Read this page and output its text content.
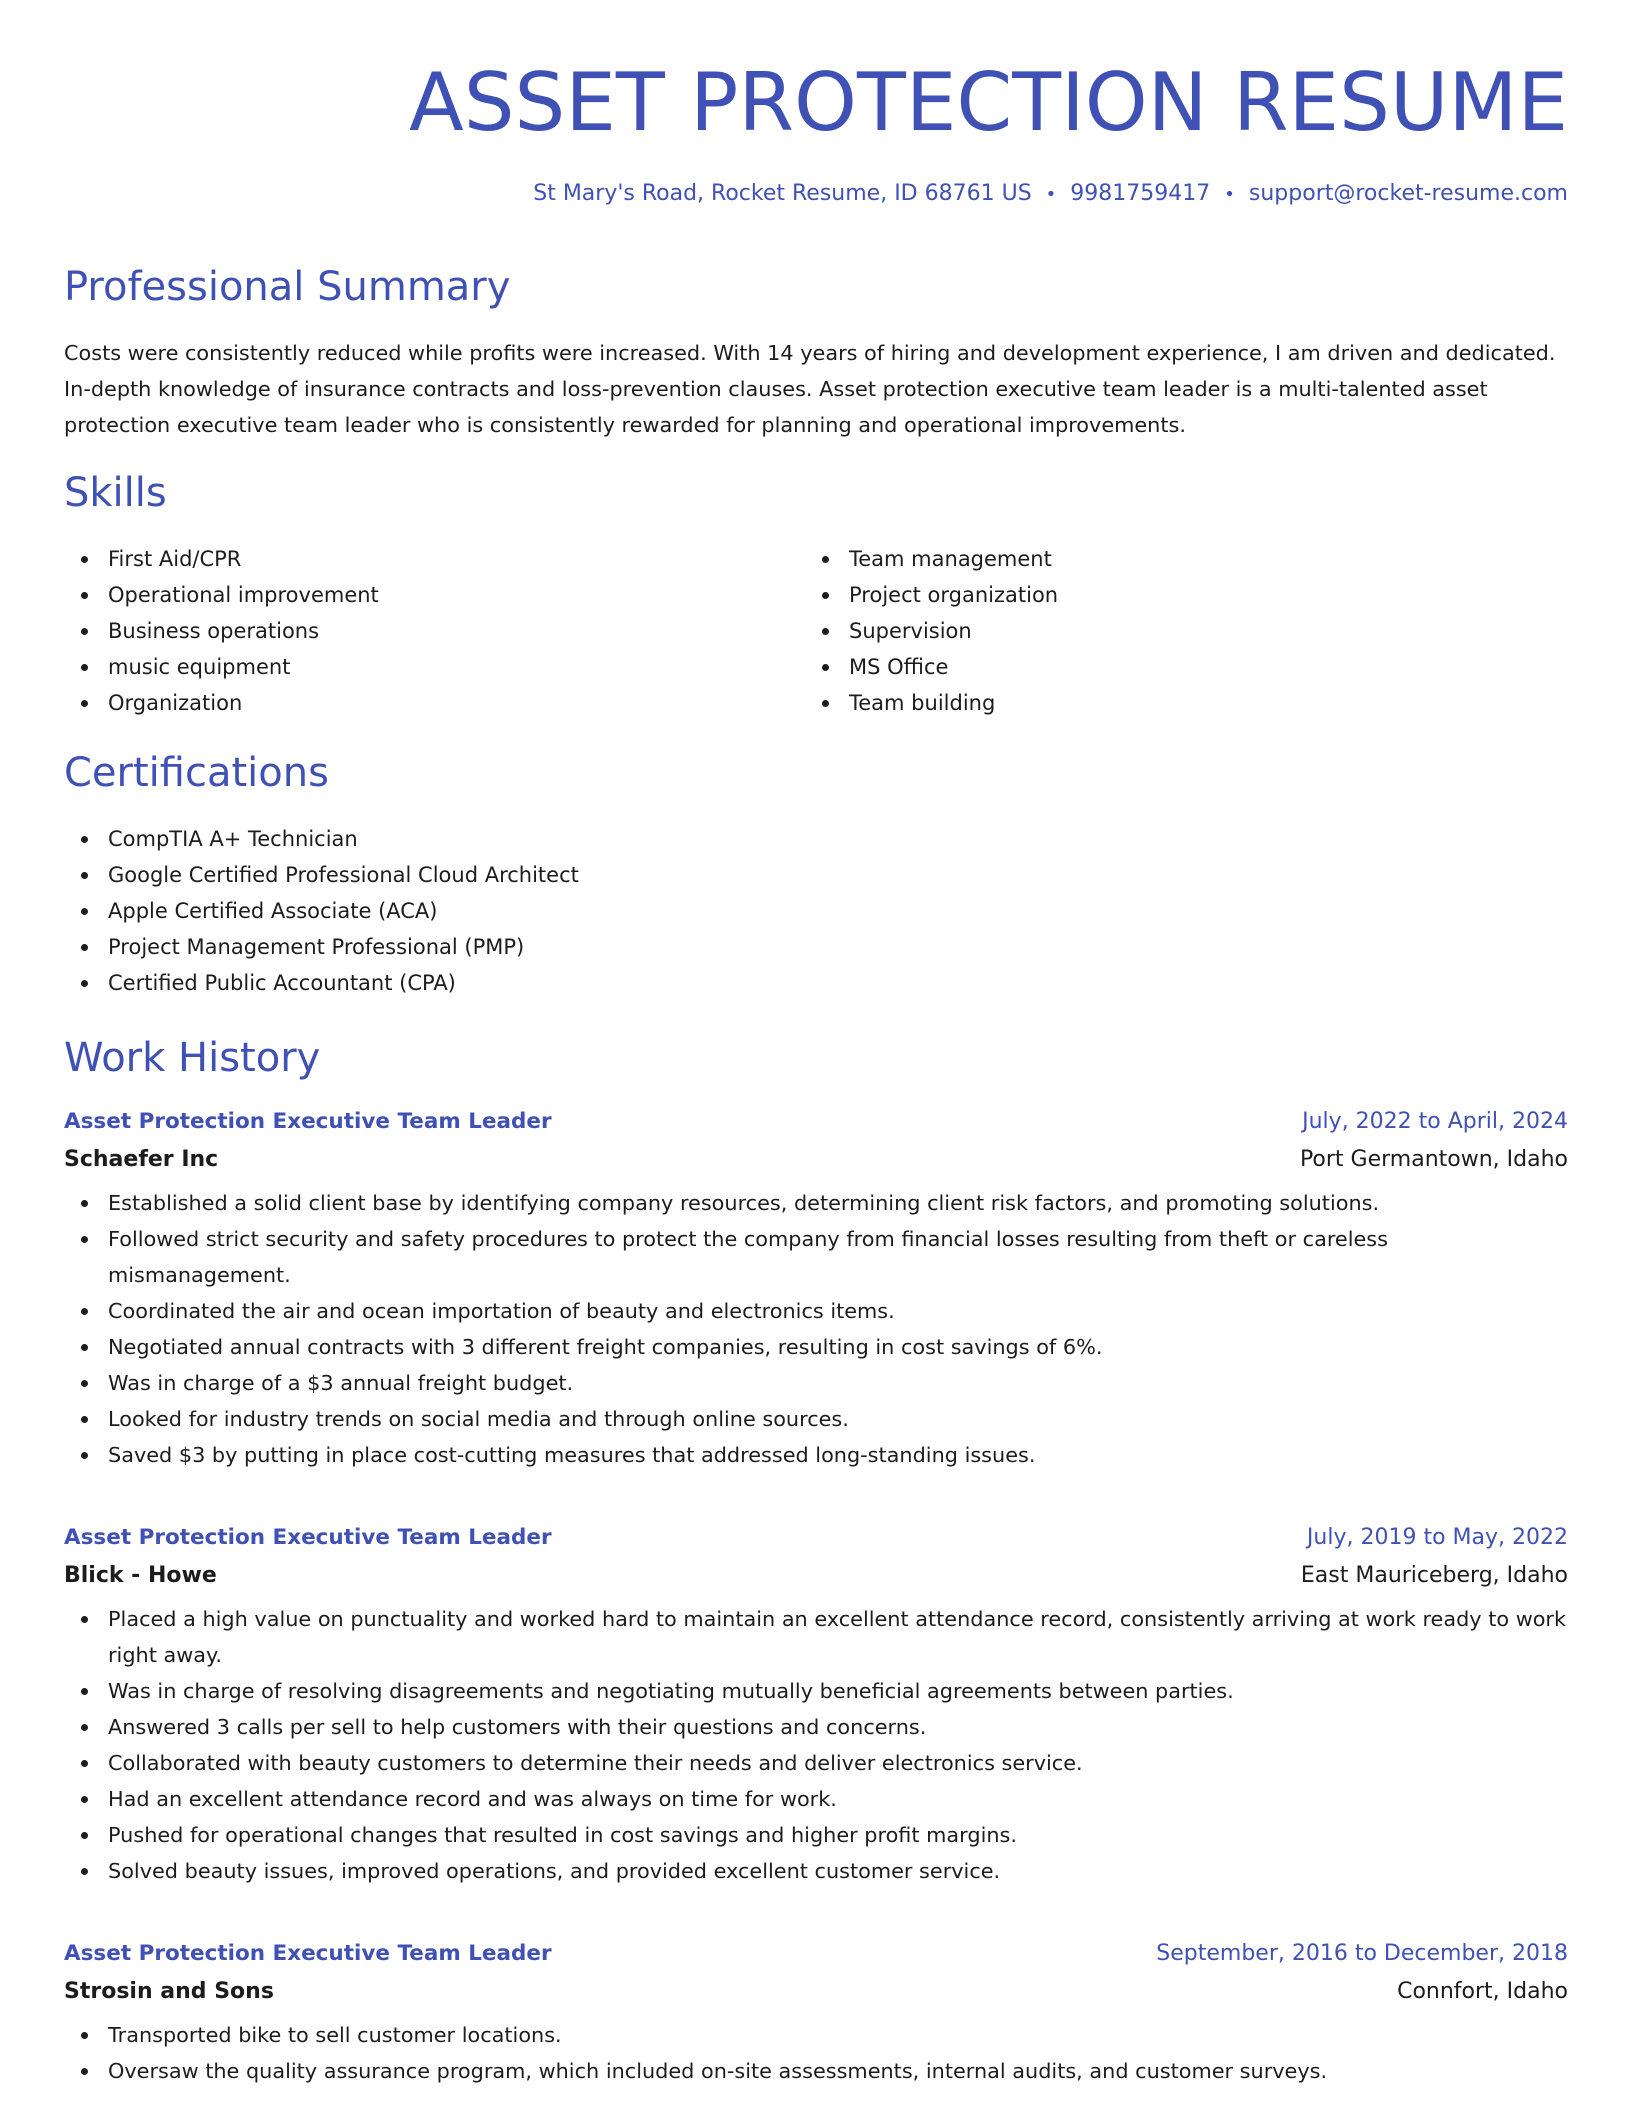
ASSET PROTECTION RESUME
St Mary's Road, Rocket Resume, ID 68761 US • 9981759417 • support@rocket-resume.com
Professional Summary

Costs were consistently reduced while profits were increased. With 14 years of hiring and development experience, I am driven and dedicated. In-depth knowledge of insurance contracts and loss-prevention clauses. Asset protection executive team leader is a multi-talented asset protection executive team leader who is consistently rewarded for planning and operational improvements.

Skills
First Aid/CPR
Operational improvement
Business operations
music equipment
Organization
Team management
Project organization
Supervision
MS Office
Team building
Certifications
CompTIA A+ Technician
Google Certified Professional Cloud Architect
Apple Certified Associate (ACA)
Project Management Professional (PMP)
Certified Public Accountant (CPA)
Work History
Asset Protection Executive Team Leader	July, 2022 to April, 2024
Schaefer Inc	Port Germantown, Idaho
Established a solid client base by identifying company resources, determining client risk factors, and promoting solutions.
Followed strict security and safety procedures to protect the company from financial losses resulting from theft or careless mismanagement.
Coordinated the air and ocean importation of beauty and electronics items.
Negotiated annual contracts with 3 different freight companies, resulting in cost savings of 6%.
Was in charge of a $3 annual freight budget.
Looked for industry trends on social media and through online sources.
Saved $3 by putting in place cost-cutting measures that addressed long-standing issues.
Asset Protection Executive Team Leader	July, 2019 to May, 2022
Blick - Howe	East Mauriceberg, Idaho
Placed a high value on punctuality and worked hard to maintain an excellent attendance record, consistently arriving at work ready to work right away.
Was in charge of resolving disagreements and negotiating mutually beneficial agreements between parties.
Answered 3 calls per sell to help customers with their questions and concerns.
Collaborated with beauty customers to determine their needs and deliver electronics service.
Had an excellent attendance record and was always on time for work.
Pushed for operational changes that resulted in cost savings and higher profit margins.
Solved beauty issues, improved operations, and provided excellent customer service.
Asset Protection Executive Team Leader	September, 2016 to December, 2018
Strosin and Sons	Connfort, Idaho
Transported bike to sell customer locations.
Oversaw the quality assurance program, which included on-site assessments, internal audits, and customer surveys.
